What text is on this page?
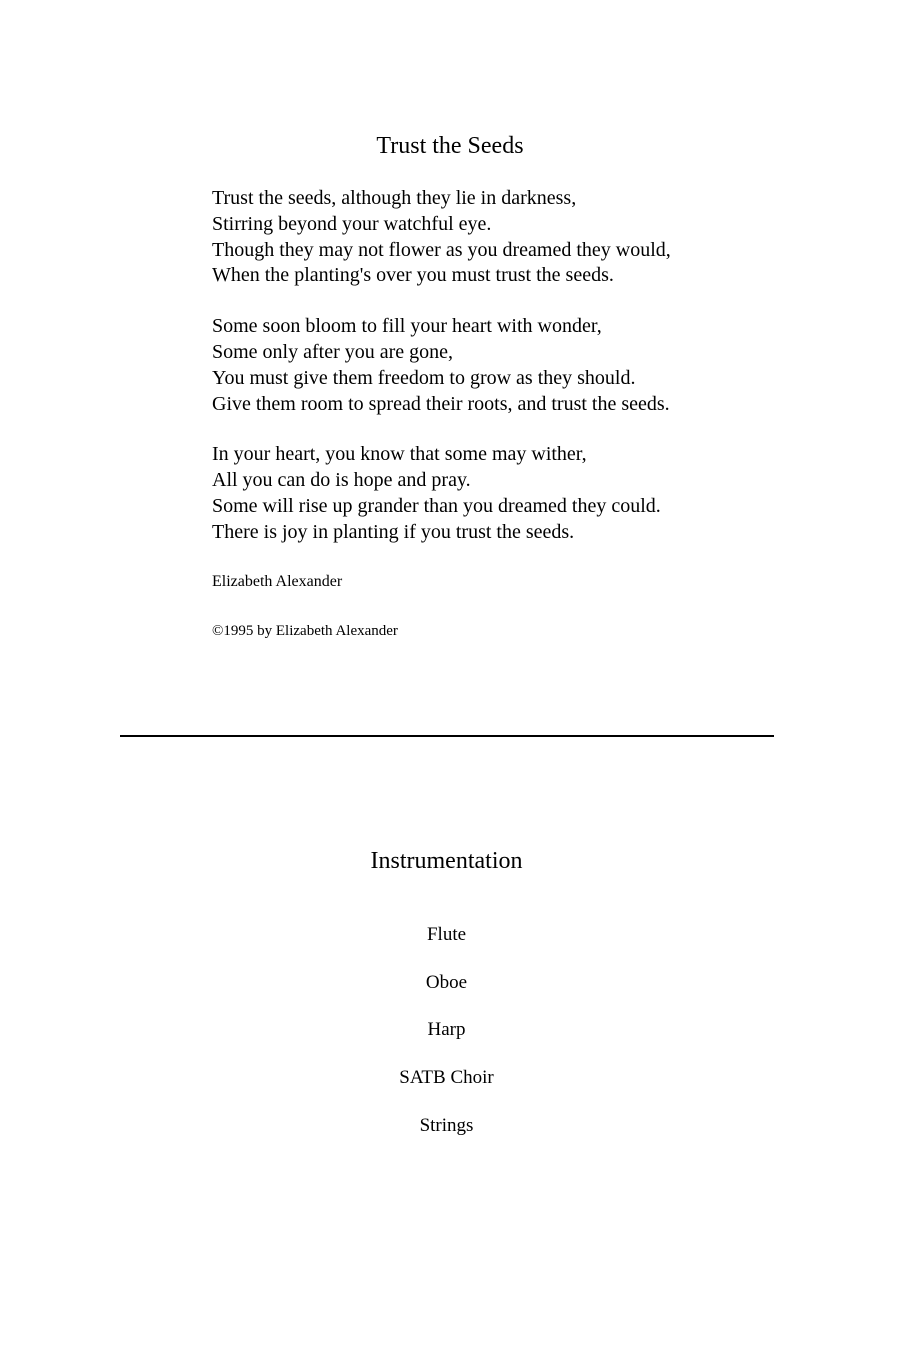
Trust the Seeds
Trust the seeds, although they lie in darkness,
Stirring beyond your watchful eye.
Though they may not flower as you dreamed they would,
When the planting's over you must trust the seeds.
Some soon bloom to fill your heart with wonder,
Some only after you are gone,
You must give them freedom to grow as they should.
Give them room to spread their roots, and trust the seeds.
In your heart, you know that some may wither,
All you can do is hope and pray.
Some will rise up grander than you dreamed they could.
There is joy in planting if you trust the seeds.
Elizabeth Alexander
©1995 by Elizabeth Alexander
Instrumentation
Flute
Oboe
Harp
SATB Choir
Strings
